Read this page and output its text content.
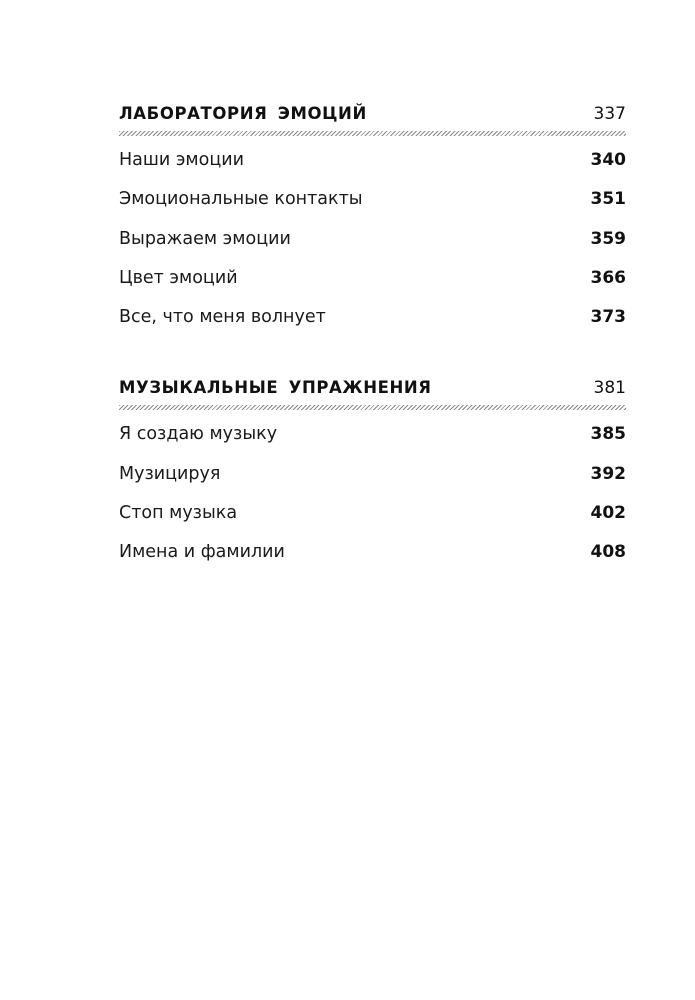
ЛАБОРАТОРИЯ ЭМОЦИЙ	337
Наши эмоции	340
Эмоциональные контакты	351
Выражаем эмоции	359
Цвет эмоций	366
Все, что меня волнует	373
МУЗЫКАЛЬНЫЕ УПРАЖНЕНИЯ	381
Я создаю музыку	385
Музицируя	392
Стоп музыка	402
Имена и фамилии	408
